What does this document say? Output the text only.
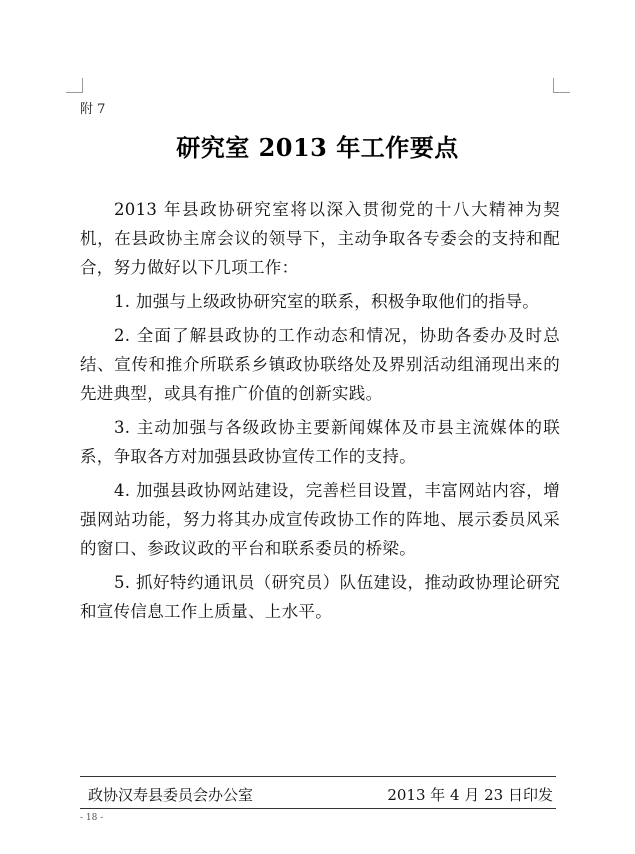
附 7
研究室 2013 年工作要点

2013 年县政协研究室将以深入贯彻党的十八大精神为契机，在县政协主席会议的领导下，主动争取各专委会的支持和配合，努力做好以下几项工作：

1. 加强与上级政协研究室的联系，积极争取他们的指导。

2. 全面了解县政协的工作动态和情况，协助各委办及时总结、宣传和推介所联系乡镇政协联络处及界别活动组涌现出来的先进典型，或具有推广价值的创新实践。

3. 主动加强与各级政协主要新闻媒体及市县主流媒体的联系，争取各方对加强县政协宣传工作的支持。

4. 加强县政协网站建设，完善栏目设置，丰富网站内容，增强网站功能，努力将其办成宣传政协工作的阵地、展示委员风采的窗口、参政议政的平台和联系委员的桥梁。

5. 抓好特约通讯员（研究员）队伍建设，推动政协理论研究和宣传信息工作上质量、上水平。

政协汉寿县委员会办公室	2013 年 4 月 23 日印发
- 18 -
